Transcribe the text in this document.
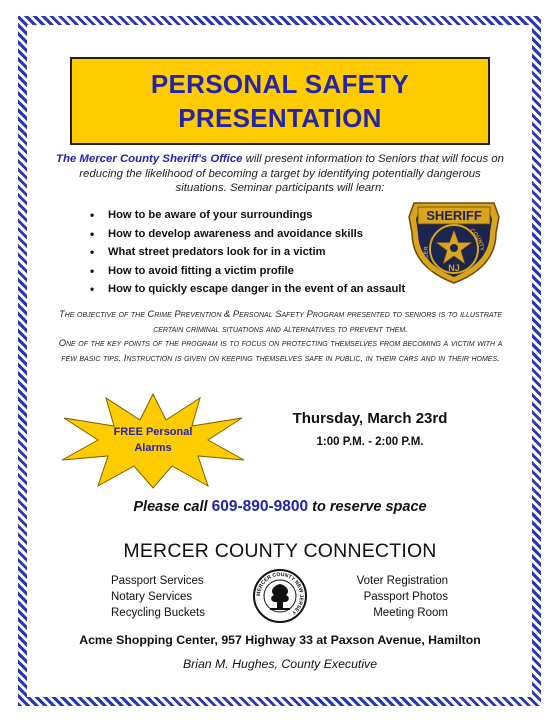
PERSONAL SAFETY
PRESENTATION
The Mercer County Sheriff's Office will present information to Seniors that will focus on reducing the likelihood of becoming a target by identifying potentially dangerous situations. Seminar participants will learn:
• How to be aware of your surroundings
• How to develop awareness and avoidance skills
• What street predators look for in a victim
• How to avoid fitting a victim profile
• How to quickly escape danger in the event of an assault
SHERIFF
MERCER
COUNTY
NJ
The objective of the Crime Prevention & Personal Safety Program presented to seniors is to illustrate certain criminal situations and alternatives to prevent them.
One of the key points of the program is to focus on protecting themselves from becoming a victim with a few basic tips. Instruction is given on keeping themselves safe in public, in their cars and in their homes.
FREE Personal
Alarms
Thursday, March 23rd
1:00 P.M. - 2:00 P.M.
Please call 609-890-9800 to reserve space
MERCER COUNTY CONNECTION
Passport Services
Notary Services
Recycling Buckets
MERCER COUNTY NEW JERSEY
Voter Registration
Passport Photos
Meeting Room
Acme Shopping Center, 957 Highway 33 at Paxson Avenue, Hamilton
Brian M. Hughes, County Executive
